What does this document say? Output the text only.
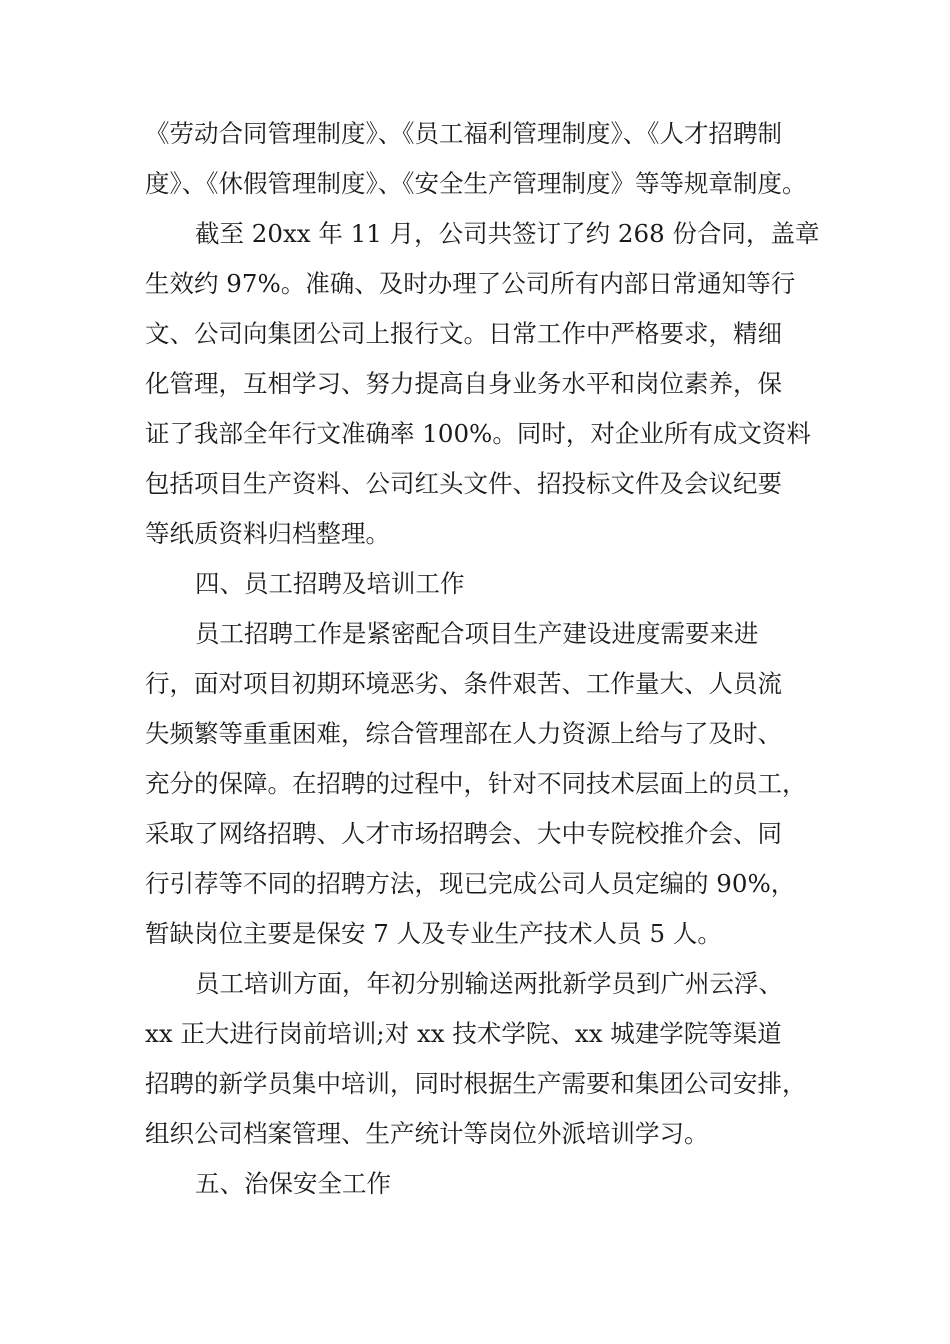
《劳动合同管理制度》、《员工福利管理制度》、《人才招聘制
度》、《休假管理制度》、《安全生产管理制度》等等规章制度。
截至 20xx 年 11 月，公司共签订了约 268 份合同，盖章
生效约 97%。准确、及时办理了公司所有内部日常通知等行
文、公司向集团公司上报行文。日常工作中严格要求，精细
化管理，互相学习、努力提高自身业务水平和岗位素养，保
证了我部全年行文准确率 100%。同时，对企业所有成文资料
包括项目生产资料、公司红头文件、招投标文件及会议纪要
等纸质资料归档整理。
四、员工招聘及培训工作
员工招聘工作是紧密配合项目生产建设进度需要来进
行，面对项目初期环境恶劣、条件艰苦、工作量大、人员流
失频繁等重重困难，综合管理部在人力资源上给与了及时、
充分的保障。在招聘的过程中，针对不同技术层面上的员工，
采取了网络招聘、人才市场招聘会、大中专院校推介会、同
行引荐等不同的招聘方法，现已完成公司人员定编的 90%，
暂缺岗位主要是保安 7 人及专业生产技术人员 5 人。
员工培训方面，年初分别输送两批新学员到广州云浮、
xx 正大进行岗前培训;对 xx 技术学院、xx 城建学院等渠道
招聘的新学员集中培训，同时根据生产需要和集团公司安排，
组织公司档案管理、生产统计等岗位外派培训学习。
五、治保安全工作
